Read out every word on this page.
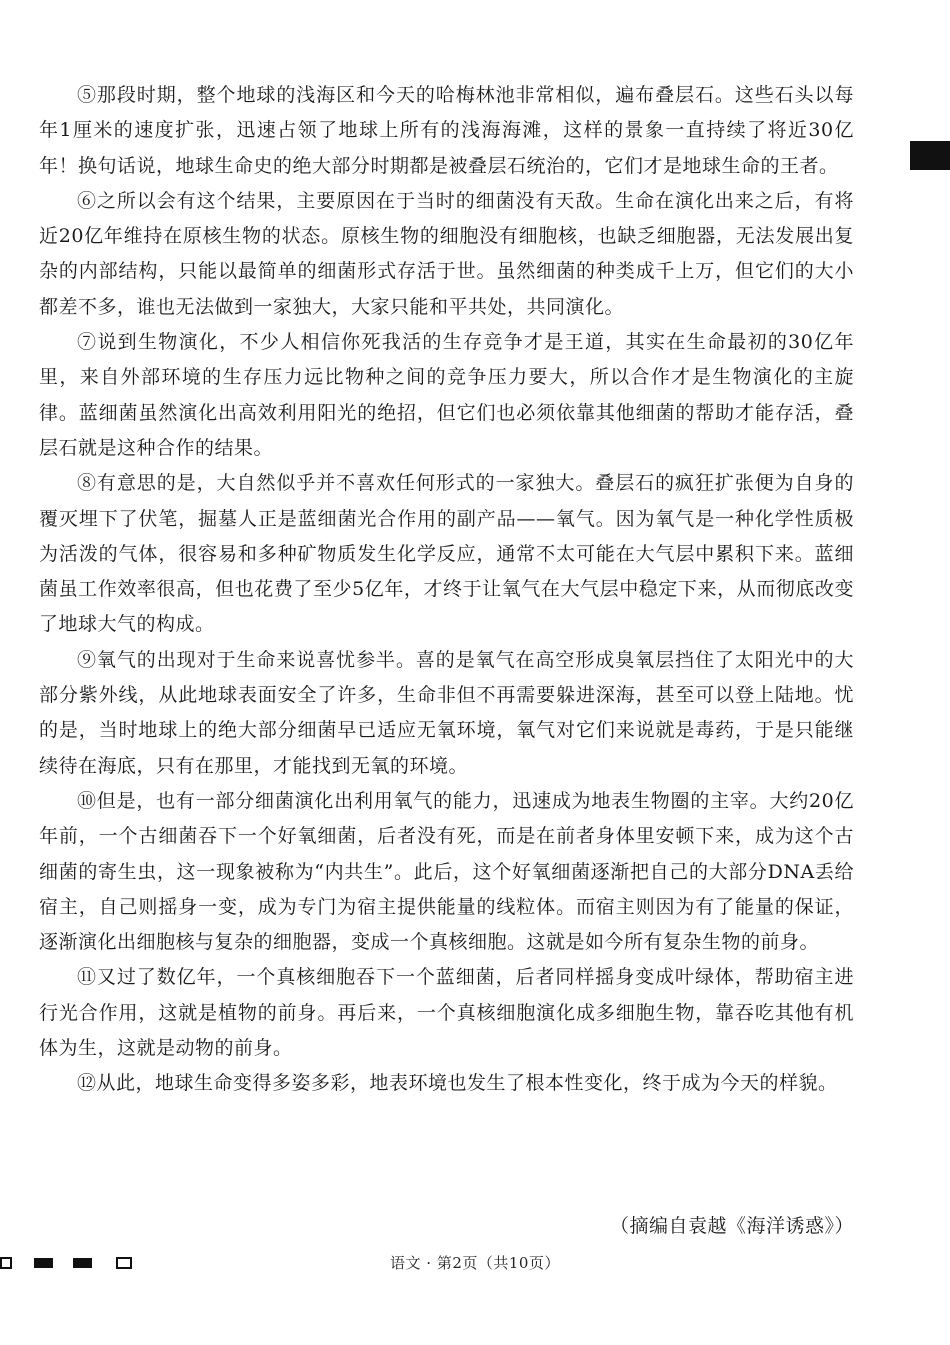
⑤那段时期，整个地球的浅海区和今天的哈梅林池非常相似，遍布叠层石。这些石头以每年1厘米的速度扩张，迅速占领了地球上所有的浅海海滩，这样的景象一直持续了将近30亿年！换句话说，地球生命史的绝大部分时期都是被叠层石统治的，它们才是地球生命的王者。

⑥之所以会有这个结果，主要原因在于当时的细菌没有天敌。生命在演化出来之后，有将近20亿年维持在原核生物的状态。原核生物的细胞没有细胞核，也缺乏细胞器，无法发展出复杂的内部结构，只能以最简单的细菌形式存活于世。虽然细菌的种类成千上万，但它们的大小都差不多，谁也无法做到一家独大，大家只能和平共处，共同演化。

⑦说到生物演化，不少人相信你死我活的生存竞争才是王道，其实在生命最初的30亿年里，来自外部环境的生存压力远比物种之间的竞争压力要大，所以合作才是生物演化的主旋律。蓝细菌虽然演化出高效利用阳光的绝招，但它们也必须依靠其他细菌的帮助才能存活，叠层石就是这种合作的结果。

⑧有意思的是，大自然似乎并不喜欢任何形式的一家独大。叠层石的疯狂扩张便为自身的覆灭埋下了伏笔，掘墓人正是蓝细菌光合作用的副产品——氧气。因为氧气是一种化学性质极为活泼的气体，很容易和多种矿物质发生化学反应，通常不太可能在大气层中累积下来。蓝细菌虽工作效率很高，但也花费了至少5亿年，才终于让氧气在大气层中稳定下来，从而彻底改变了地球大气的构成。

⑨氧气的出现对于生命来说喜忧参半。喜的是氧气在高空形成臭氧层挡住了太阳光中的大部分紫外线，从此地球表面安全了许多，生命非但不再需要躲进深海，甚至可以登上陆地。忧的是，当时地球上的绝大部分细菌早已适应无氧环境，氧气对它们来说就是毒药，于是只能继续待在海底，只有在那里，才能找到无氧的环境。

⑩但是，也有一部分细菌演化出利用氧气的能力，迅速成为地表生物圈的主宰。大约20亿年前，一个古细菌吞下一个好氧细菌，后者没有死，而是在前者身体里安顿下来，成为这个古细菌的寄生虫，这一现象被称为“内共生”。此后，这个好氧细菌逐渐把自己的大部分DNA丢给宿主，自己则摇身一变，成为专门为宿主提供能量的线粒体。而宿主则因为有了能量的保证，逐渐演化出细胞核与复杂的细胞器，变成一个真核细胞。这就是如今所有复杂生物的前身。

⑪又过了数亿年，一个真核细胞吞下一个蓝细菌，后者同样摇身变成叶绿体，帮助宿主进行光合作用，这就是植物的前身。再后来，一个真核细胞演化成多细胞生物，靠吞吃其他有机体为生，这就是动物的前身。

⑫从此，地球生命变得多姿多彩，地表环境也发生了根本性变化，终于成为今天的样貌。

（摘编自袁越《海洋诱惑》）
语文 · 第2页（共10页）
